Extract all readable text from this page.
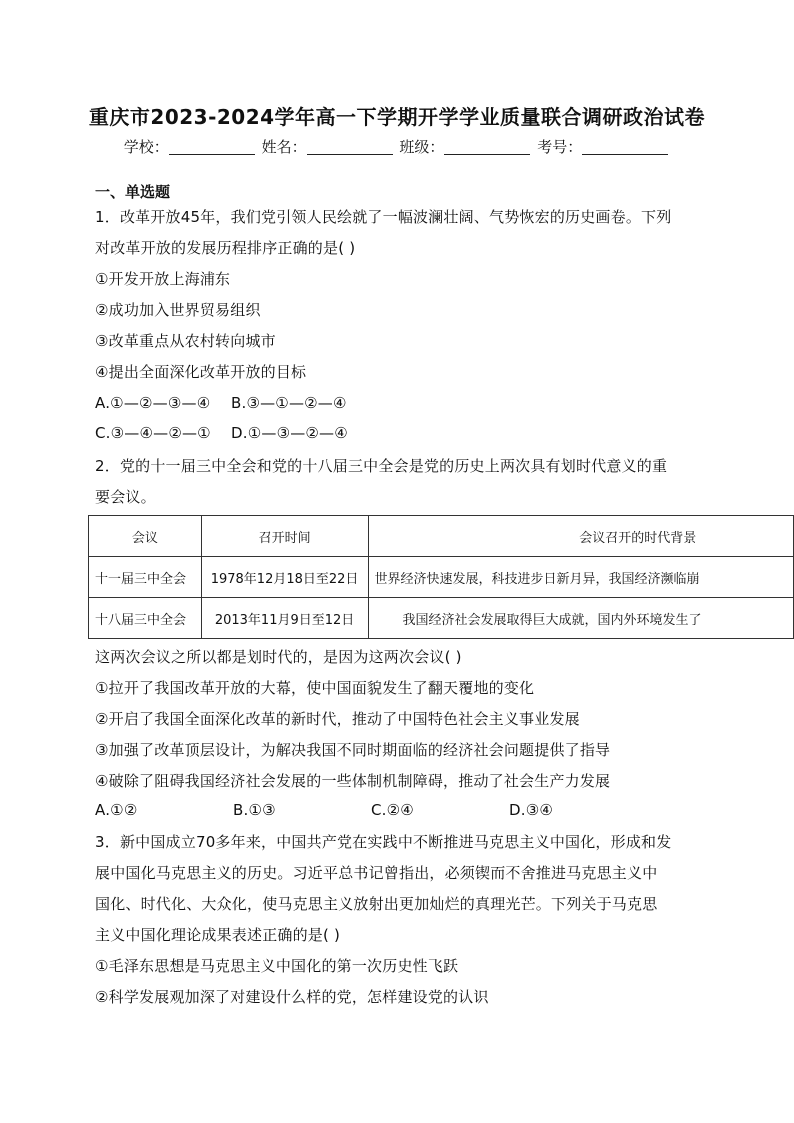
重庆市2023-2024学年高一下学期开学学业质量联合调研政治试卷
学校：	姓名：	班级：	考号：
一、单选题
1．改革开放45年，我们党引领人民绘就了一幅波澜壮阔、气势恢宏的历史画卷。下列
对改革开放的发展历程排序正确的是( )
①开发开放上海浦东
②成功加入世界贸易组织
③改革重点从农村转向城市
④提出全面深化改革开放的目标
A.①—②—③—④ B.③—①—②—④
C.③—④—②—① D.①—③—②—④
2．党的十一届三中全会和党的十八届三中全会是党的历史上两次具有划时代意义的重
要会议。
会议	召开时间	会议召开的时代背景
十一届三中全会	1978年12月18日至22日	世界经济快速发展，科技进步日新月异，我国经济濒临崩
十八届三中全会	2013年11月9日至12日	我国经济社会发展取得巨大成就，国内外环境发生了
这两次会议之所以都是划时代的，是因为这两次会议( )
①拉开了我国改革开放的大幕，使中国面貌发生了翻天覆地的变化
②开启了我国全面深化改革的新时代，推动了中国特色社会主义事业发展
③加强了改革顶层设计，为解决我国不同时期面临的经济社会问题提供了指导
④破除了阻碍我国经济社会发展的一些体制机制障碍，推动了社会生产力发展
A.①②	B.①③	C.②④	D.③④
3．新中国成立70多年来，中国共产党在实践中不断推进马克思主义中国化，形成和发
展中国化马克思主义的历史。习近平总书记曾指出，必须锲而不舍推进马克思主义中
国化、时代化、大众化，使马克思主义放射出更加灿烂的真理光芒。下列关于马克思
主义中国化理论成果表述正确的是( )
①毛泽东思想是马克思主义中国化的第一次历史性飞跃
②科学发展观加深了对建设什么样的党，怎样建设党的认识
